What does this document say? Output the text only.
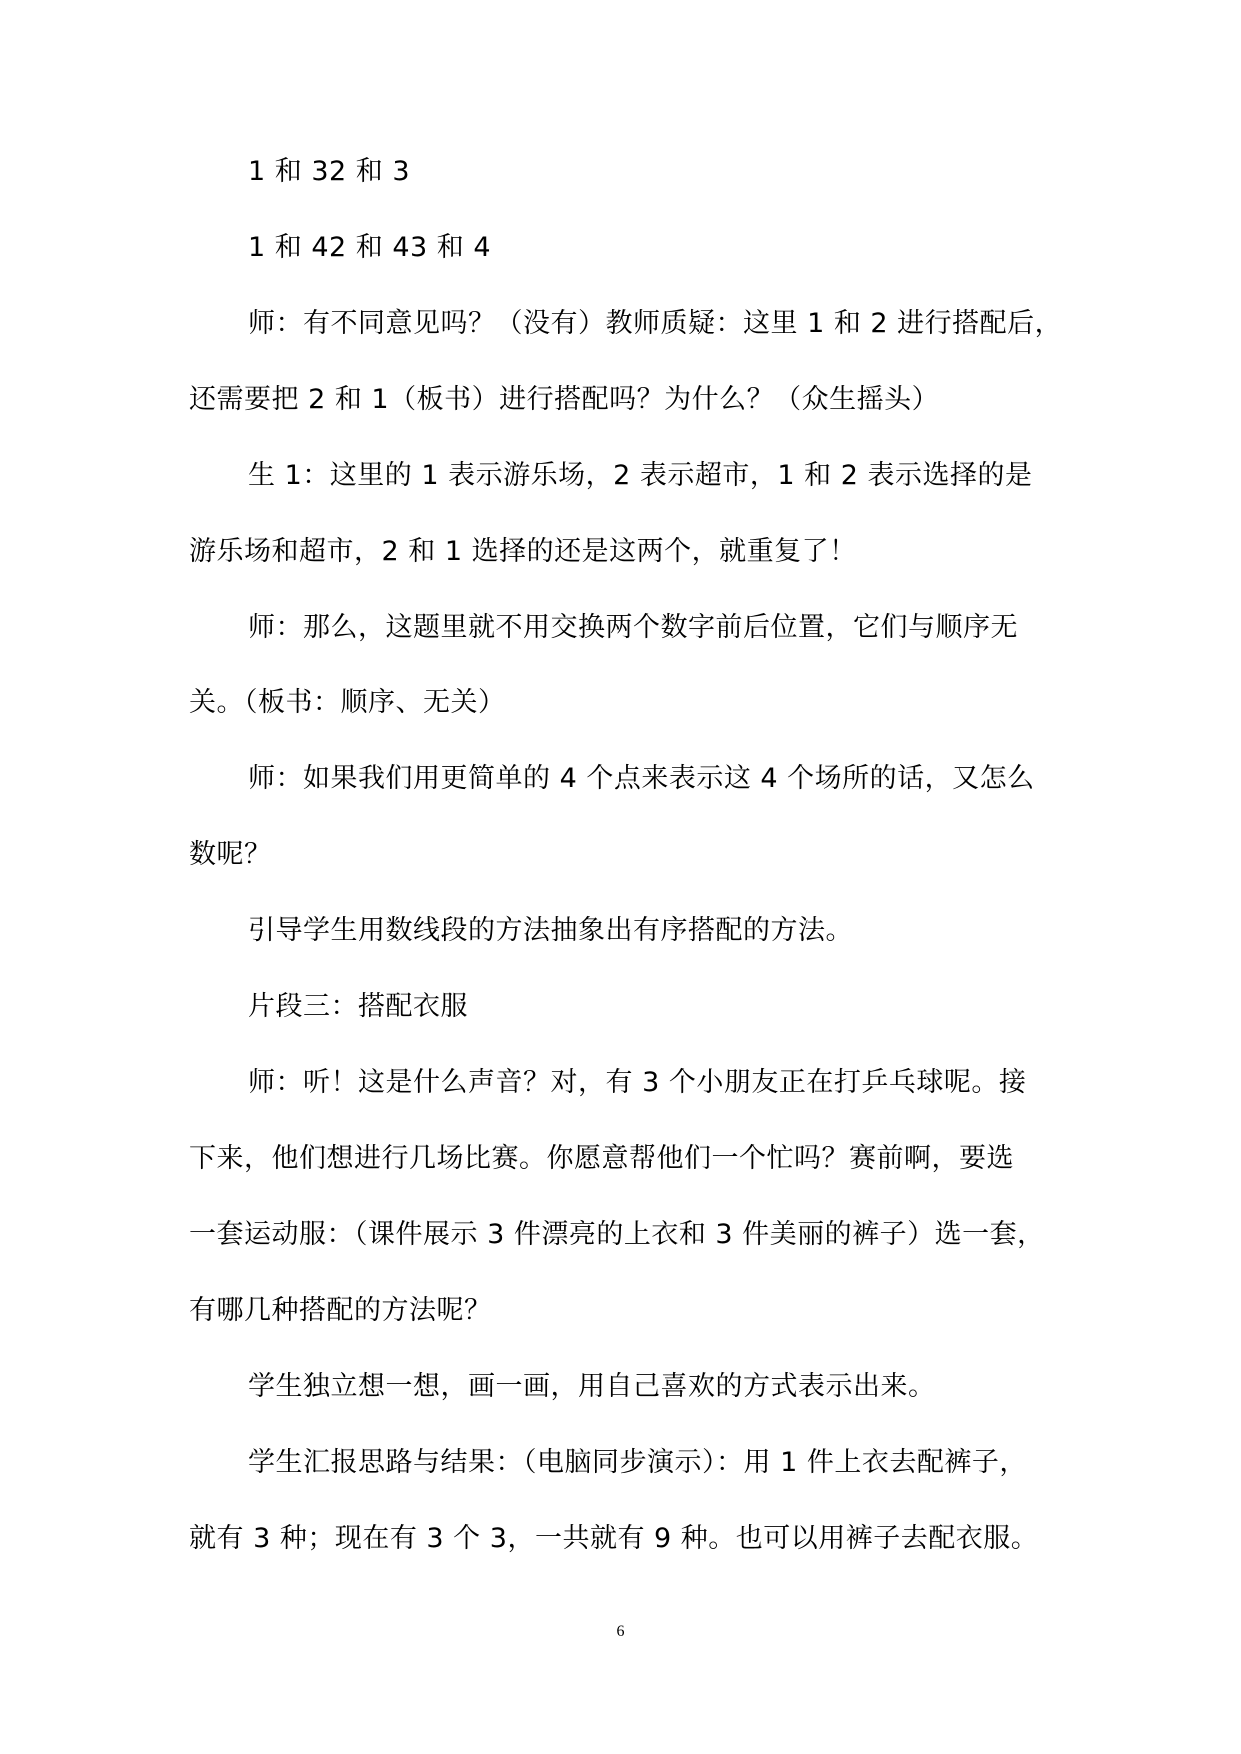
1 和 32 和 3
1 和 42 和 43 和 4
师：有不同意见吗？（没有）教师质疑：这里 1 和 2 进行搭配后，
还需要把 2 和 1（板书）进行搭配吗？为什么？（众生摇头）
生 1：这里的 1 表示游乐场，2 表示超市，1 和 2 表示选择的是
游乐场和超市，2 和 1 选择的还是这两个，就重复了！
师：那么，这题里就不用交换两个数字前后位置，它们与顺序无
关。（板书：顺序、无关）
师：如果我们用更简单的 4 个点来表示这 4 个场所的话，又怎么
数呢？
引导学生用数线段的方法抽象出有序搭配的方法。
片段三：搭配衣服
师：听！这是什么声音？对，有 3 个小朋友正在打乒乓球呢。接
下来，他们想进行几场比赛。你愿意帮他们一个忙吗？赛前啊，要选
一套运动服：（课件展示 3 件漂亮的上衣和 3 件美丽的裤子）选一套，
有哪几种搭配的方法呢？
学生独立想一想，画一画，用自己喜欢的方式表示出来。
学生汇报思路与结果：（电脑同步演示）：用 1 件上衣去配裤子，
就有 3 种；现在有 3 个 3，一共就有 9 种。也可以用裤子去配衣服。
6
